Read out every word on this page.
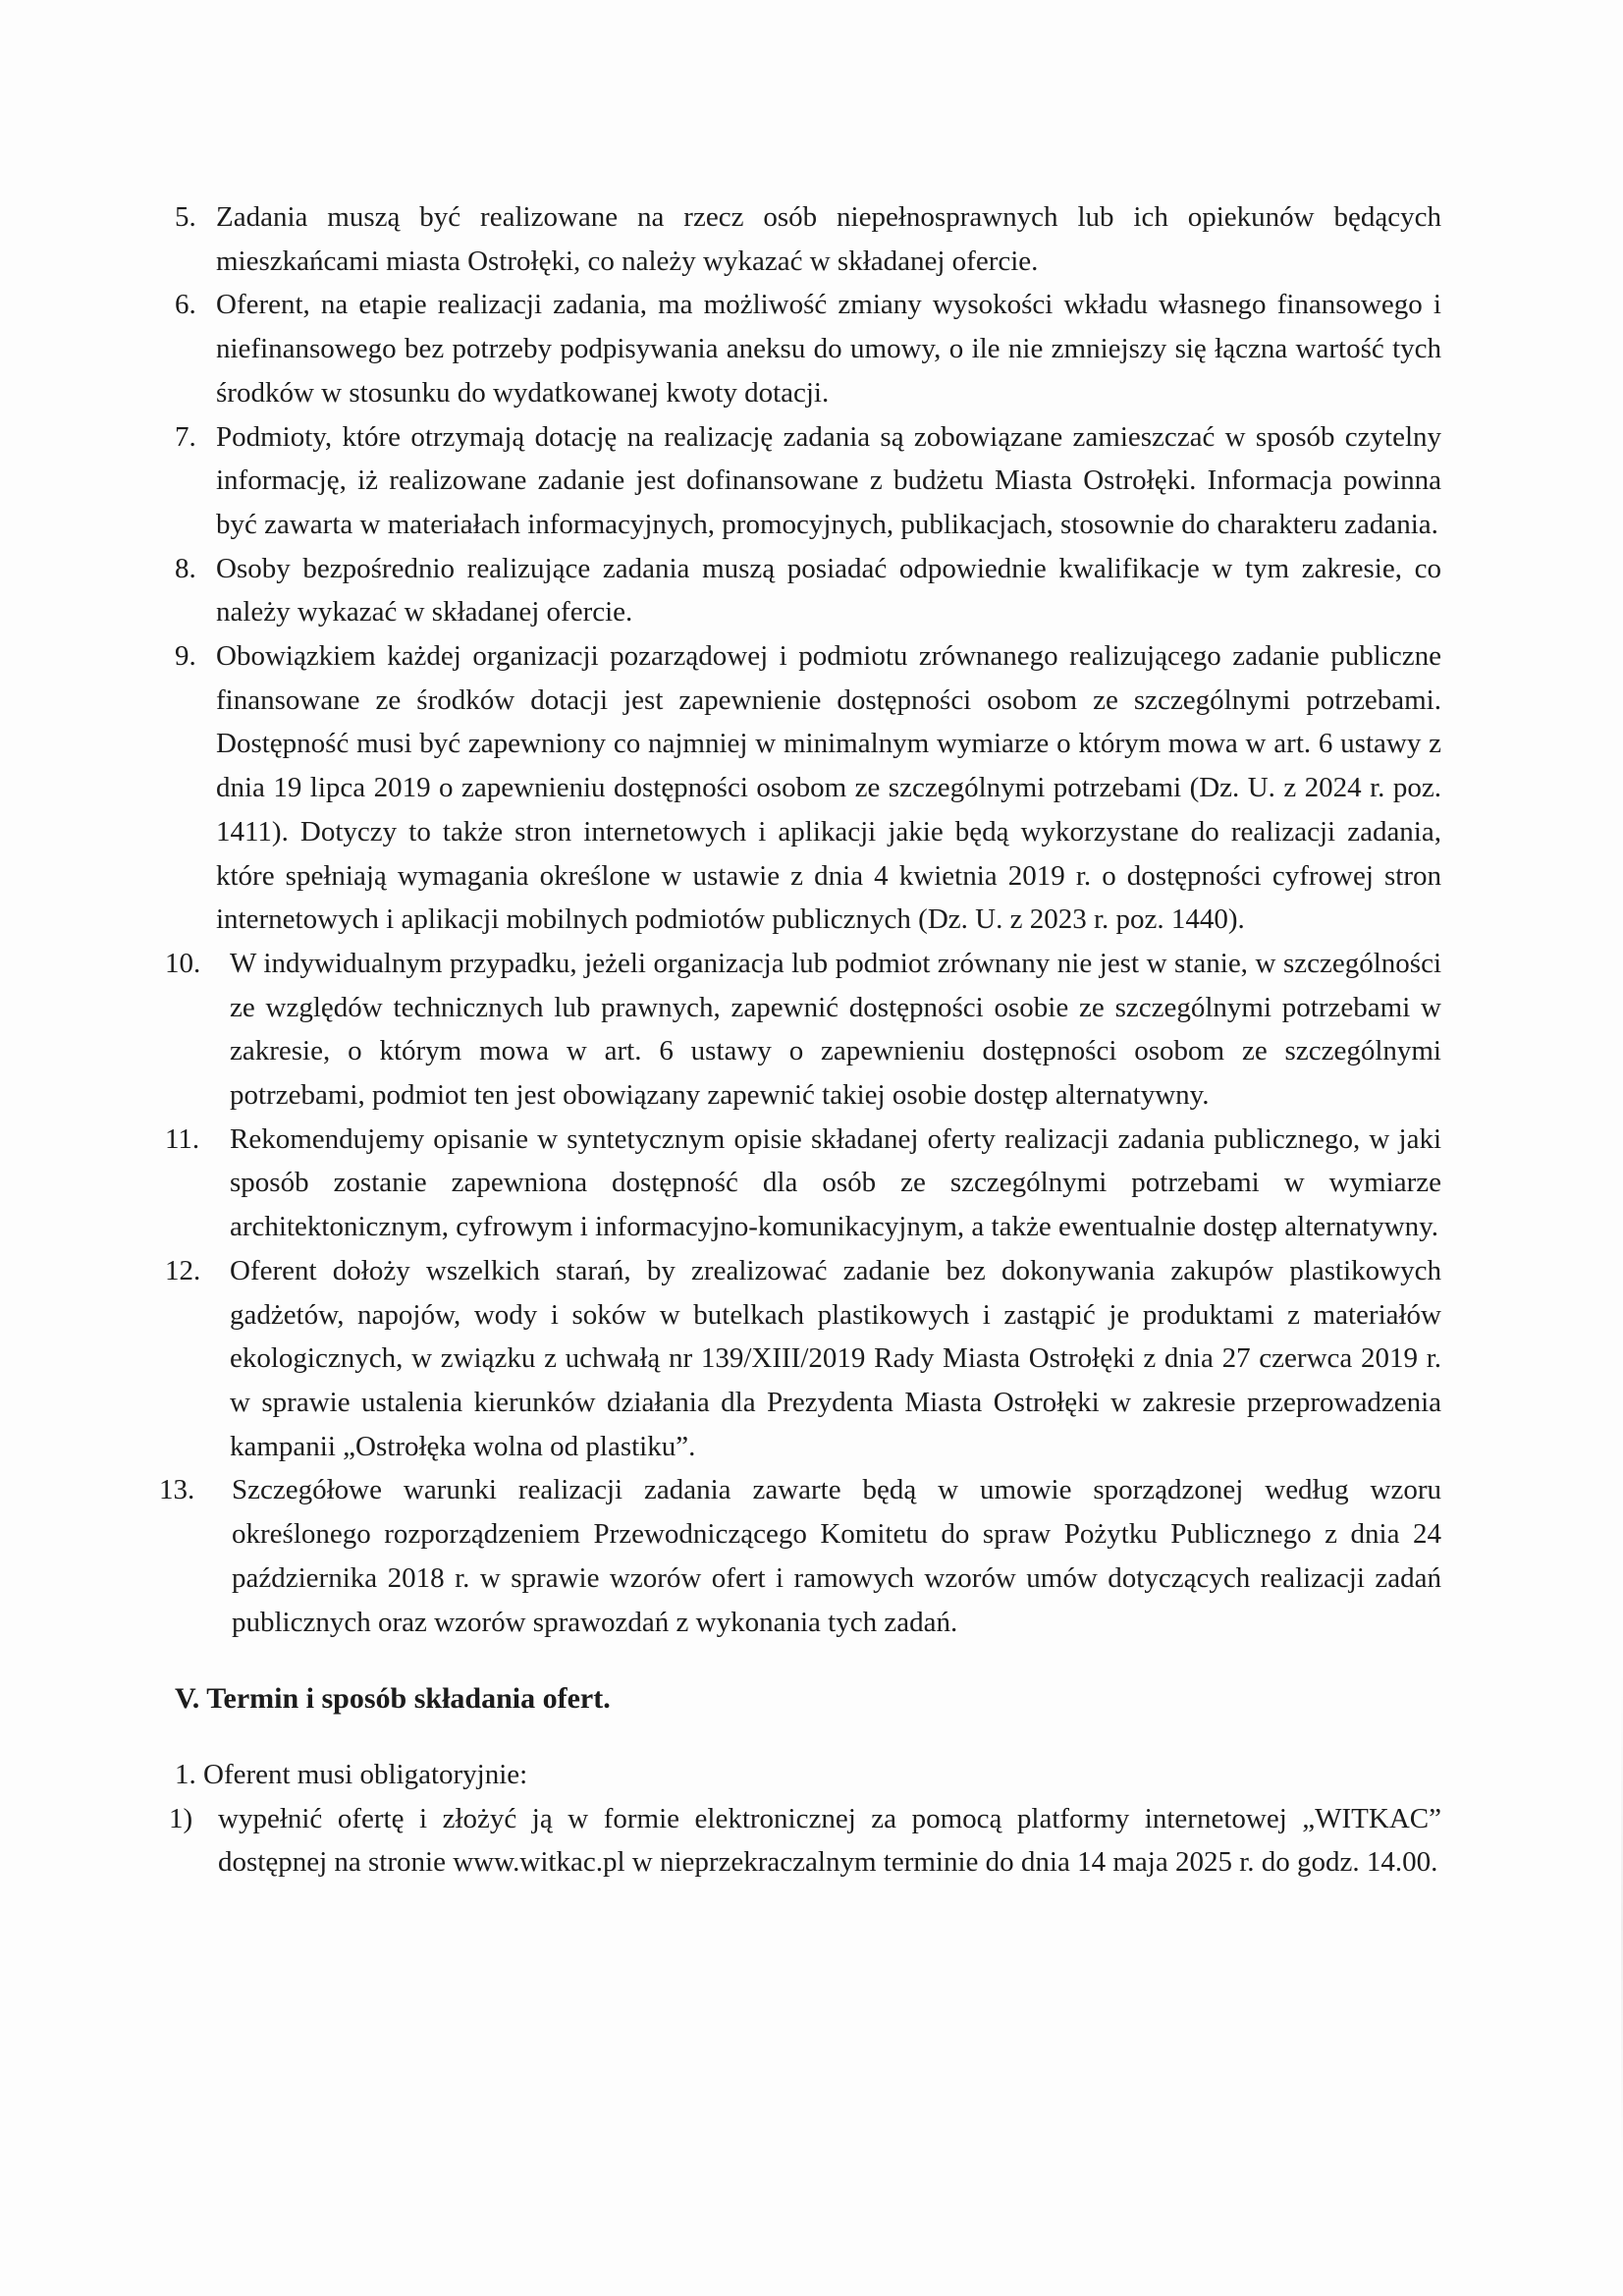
5. Zadania muszą być realizowane na rzecz osób niepełnosprawnych lub ich opiekunów będących mieszkańcami miasta Ostrołęki, co należy wykazać w składanej ofercie.
6. Oferent, na etapie realizacji zadania, ma możliwość zmiany wysokości wkładu własnego finansowego i niefinansowego bez potrzeby podpisywania aneksu do umowy, o ile nie zmniejszy się łączna wartość tych środków w stosunku do wydatkowanej kwoty dotacji.
7. Podmioty, które otrzymają dotację na realizację zadania są zobowiązane zamieszczać w sposób czytelny informację, iż realizowane zadanie jest dofinansowane z budżetu Miasta Ostrołęki. Informacja powinna być zawarta w materiałach informacyjnych, promocyjnych, publikacjach, stosownie do charakteru zadania.
8. Osoby bezpośrednio realizujące zadania muszą posiadać odpowiednie kwalifikacje w tym zakresie, co należy wykazać w składanej ofercie.
9. Obowiązkiem każdej organizacji pozarządowej i podmiotu zrównanego realizującego zadanie publiczne finansowane ze środków dotacji jest zapewnienie dostępności osobom ze szczególnymi potrzebami. Dostępność musi być zapewniony co najmniej w minimalnym wymiarze o którym mowa w art. 6 ustawy z dnia 19 lipca 2019 o zapewnieniu dostępności osobom ze szczególnymi potrzebami (Dz. U. z 2024 r. poz. 1411). Dotyczy to także stron internetowych i aplikacji jakie będą wykorzystane do realizacji zadania, które spełniają wymagania określone w ustawie z dnia 4 kwietnia 2019 r. o dostępności cyfrowej stron internetowych i aplikacji mobilnych podmiotów publicznych (Dz. U. z 2023 r. poz. 1440).
10. W indywidualnym przypadku, jeżeli organizacja lub podmiot zrównany nie jest w stanie, w szczególności ze względów technicznych lub prawnych, zapewnić dostępności osobie ze szczególnymi potrzebami w zakresie, o którym mowa w art. 6 ustawy o zapewnieniu dostępności osobom ze szczególnymi potrzebami, podmiot ten jest obowiązany zapewnić takiej osobie dostęp alternatywny.
11. Rekomendujemy opisanie w syntetycznym opisie składanej oferty realizacji zadania publicznego, w jaki sposób zostanie zapewniona dostępność dla osób ze szczególnymi potrzebami w wymiarze architektonicznym, cyfrowym i informacyjno-komunikacyjnym, a także ewentualnie dostęp alternatywny.
12. Oferent dołoży wszelkich starań, by zrealizować zadanie bez dokonywania zakupów plastikowych gadżetów, napojów, wody i soków w butelkach plastikowych i zastąpić je produktami z materiałów ekologicznych, w związku z uchwałą nr 139/XIII/2019 Rady Miasta Ostrołęki z dnia 27 czerwca 2019 r. w sprawie ustalenia kierunków działania dla Prezydenta Miasta Ostrołęki w zakresie przeprowadzenia kampanii „Ostrołęka wolna od plastiku”.
13. Szczegółowe warunki realizacji zadania zawarte będą w umowie sporządzonej według wzoru określonego rozporządzeniem Przewodniczącego Komitetu do spraw Pożytku Publicznego z dnia 24 października 2018 r. w sprawie wzorów ofert i ramowych wzorów umów dotyczących realizacji zadań publicznych oraz wzorów sprawozdań z wykonania tych zadań.
V. Termin i sposób składania ofert.
1. Oferent musi obligatoryjnie:
1) wypełnić ofertę i złożyć ją w formie elektronicznej za pomocą platformy internetowej „WITKAC” dostępnej na stronie www.witkac.pl w nieprzekraczalnym terminie do dnia 14 maja 2025 r. do godz. 14.00.
